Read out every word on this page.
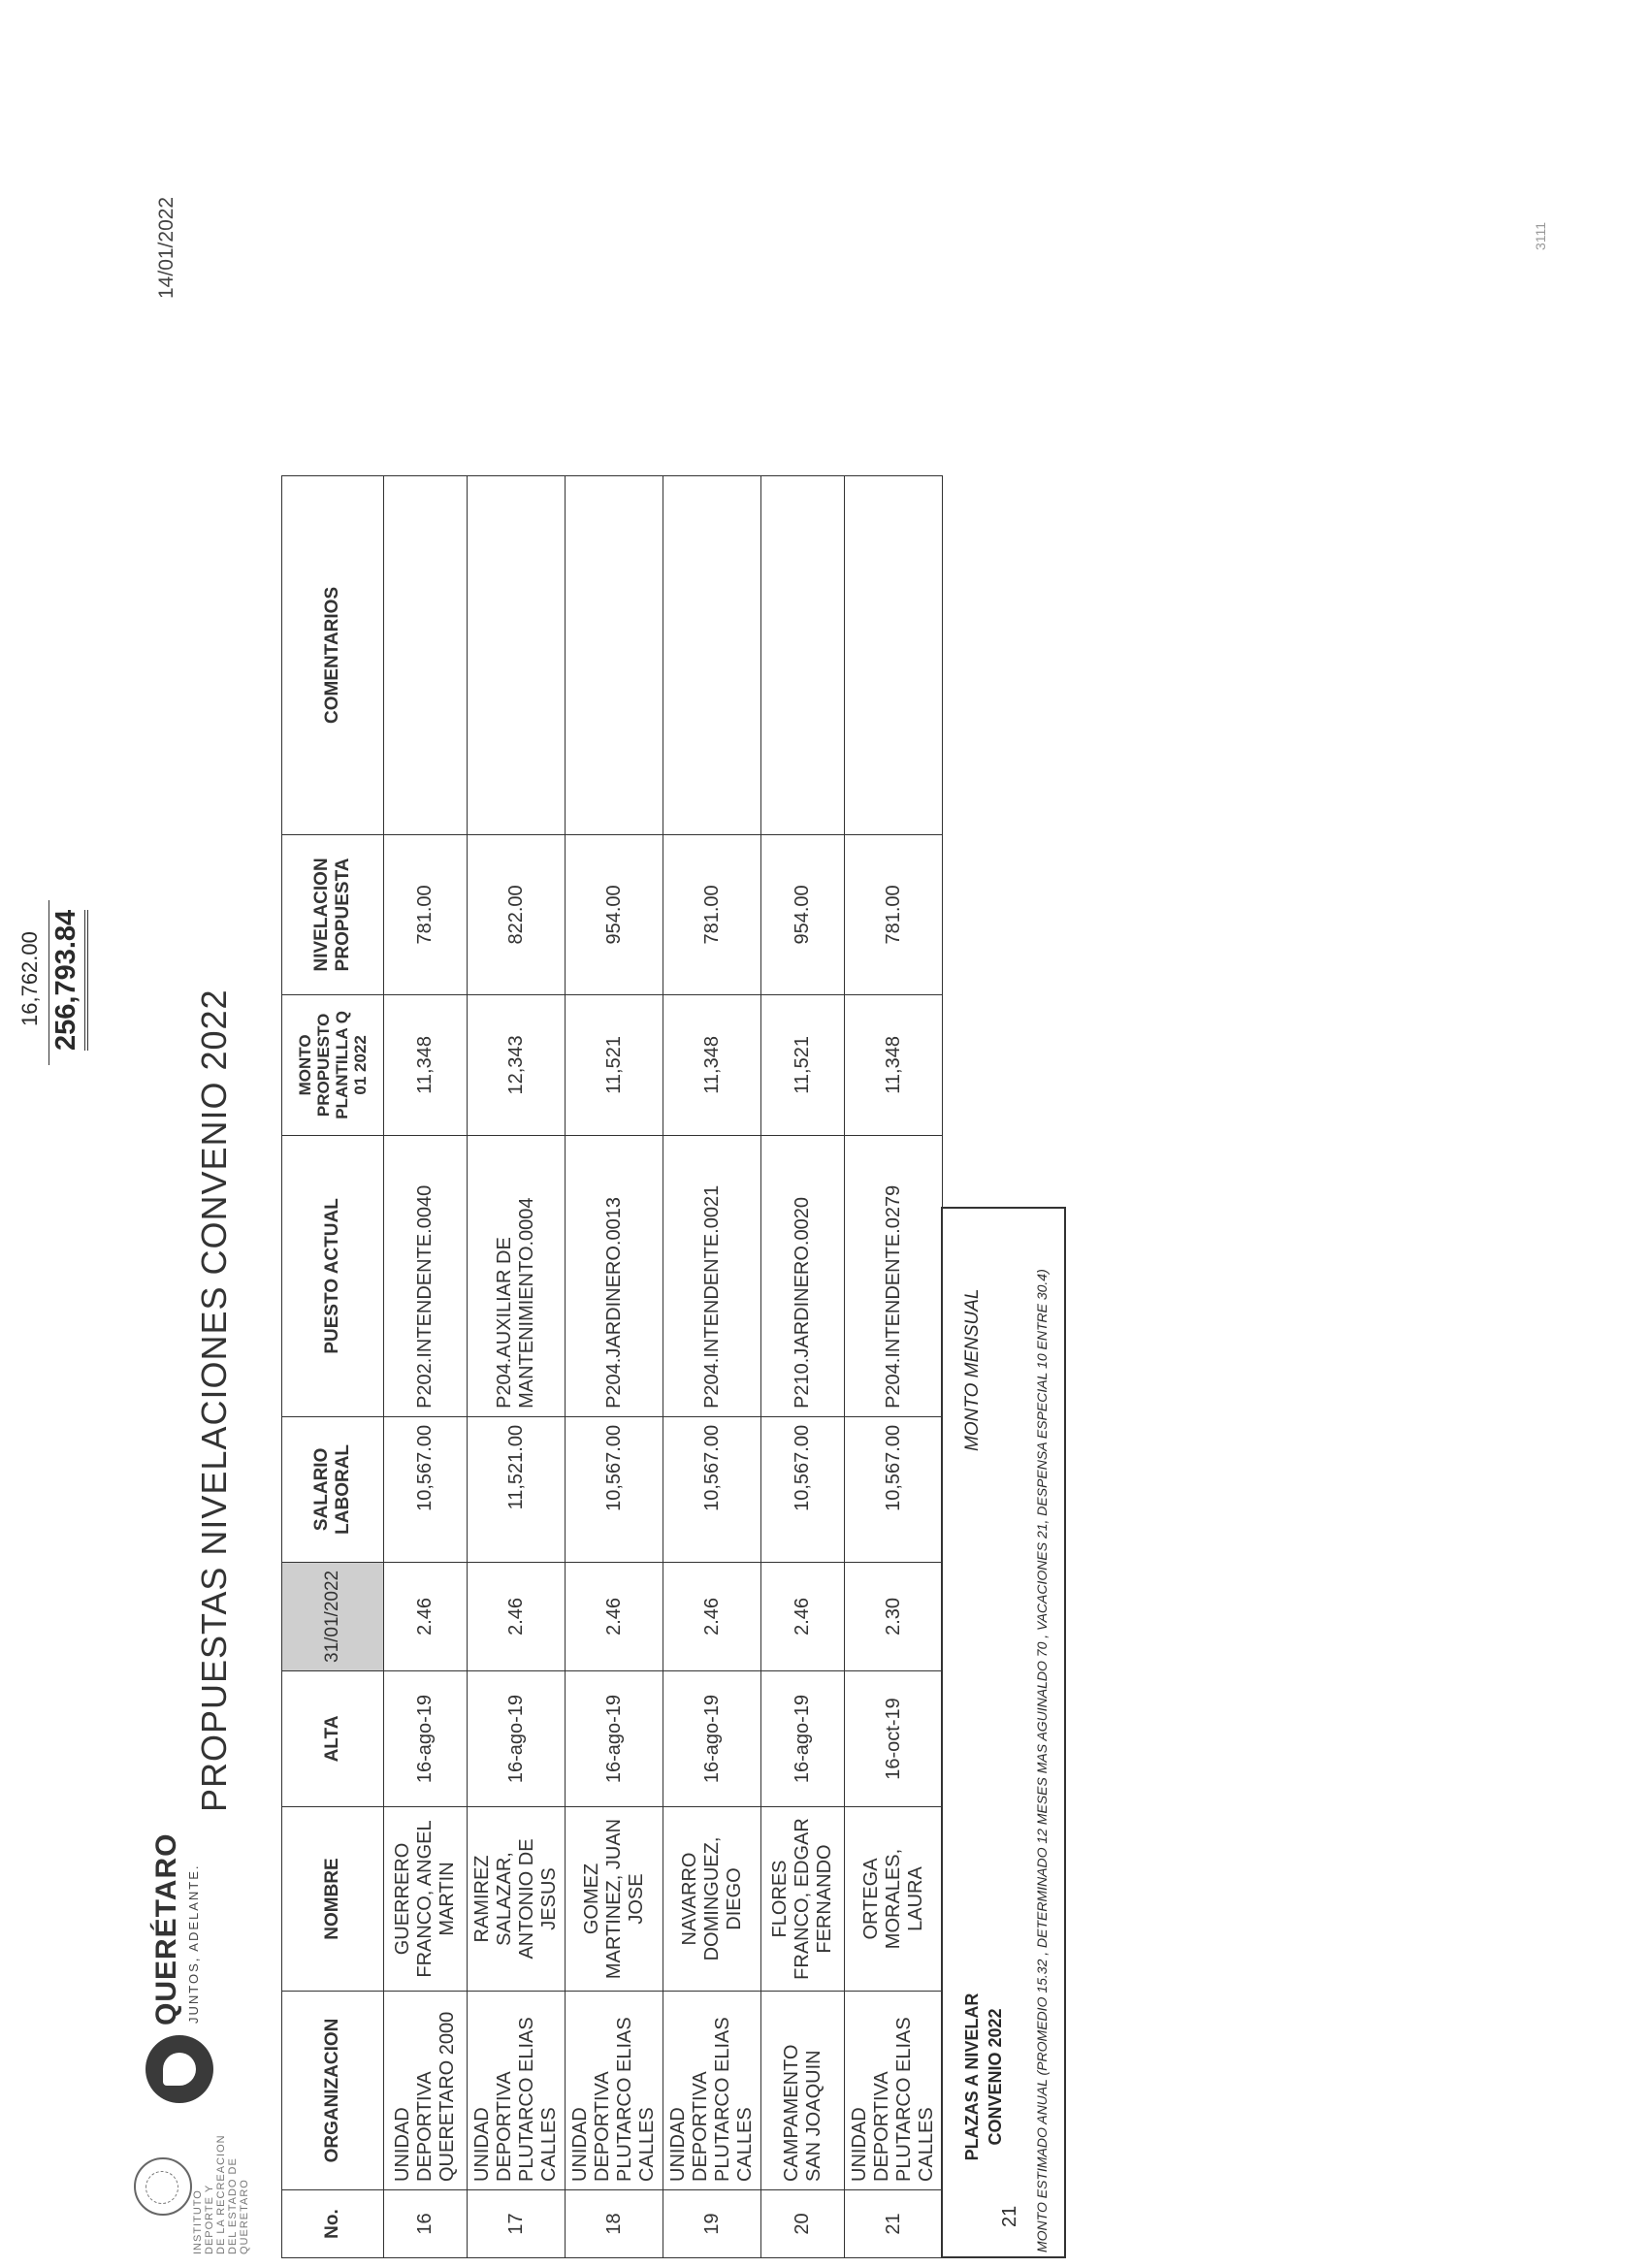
INSTITUTO DEPORTE Y DE LA RECREACION DEL ESTADO DE QUERETARO
QUERÉTARO JUNTOS, ADELANTE.
PROPUESTAS NIVELACIONES CONVENIO 2022
14/01/2022	3111
No.	ORGANIZACION	NOMBRE	ALTA	31/01/2022	SALARIO LABORAL	PUESTO ACTUAL	MONTO PROPUESTO PLANTILLA Q 01 2022	NIVELACION PROPUESTA	COMENTARIOS
16	UNIDAD DEPORTIVA QUERETARO 2000	GUERRERO FRANCO, ANGEL MARTIN	16-ago-19	2.46	10,567.00	P202.INTENDENTE.0040	11,348	781.00	
17	UNIDAD DEPORTIVA PLUTARCO ELIAS CALLES	RAMIREZ SALAZAR, ANTONIO DE JESUS	16-ago-19	2.46	11,521.00	P204.AUXILIAR DE MANTENIMIENTO.0004	12,343	822.00	
18	UNIDAD DEPORTIVA PLUTARCO ELIAS CALLES	GOMEZ MARTINEZ, JUAN JOSE	16-ago-19	2.46	10,567.00	P204.JARDINERO.0013	11,521	954.00	
19	UNIDAD DEPORTIVA PLUTARCO ELIAS CALLES	NAVARRO DOMINGUEZ, DIEGO	16-ago-19	2.46	10,567.00	P204.INTENDENTE.0021	11,348	781.00	
20	CAMPAMENTO SAN JOAQUIN	FLORES FRANCO, EDGAR FERNANDO	16-ago-19	2.46	10,567.00	P210.JARDINERO.0020	11,521	954.00	
21	UNIDAD DEPORTIVA PLUTARCO ELIAS CALLES	ORTEGA MORALES, LAURA	16-oct-19	2.30	10,567.00	P204.INTENDENTE.0279	11,348	781.00	
21
PLAZAS A NIVELAR CONVENIO 2022 MONTO ESTIMADO ANUAL (PROMEDIO 15.32 , DETERMINADO 12 MESES MAS AGUINALDO 70 , VACACIONES 21, DESPENSA ESPECIAL 10 ENTRE 30.4)
MONTO MENSUAL
16,762.00 256,793.84
